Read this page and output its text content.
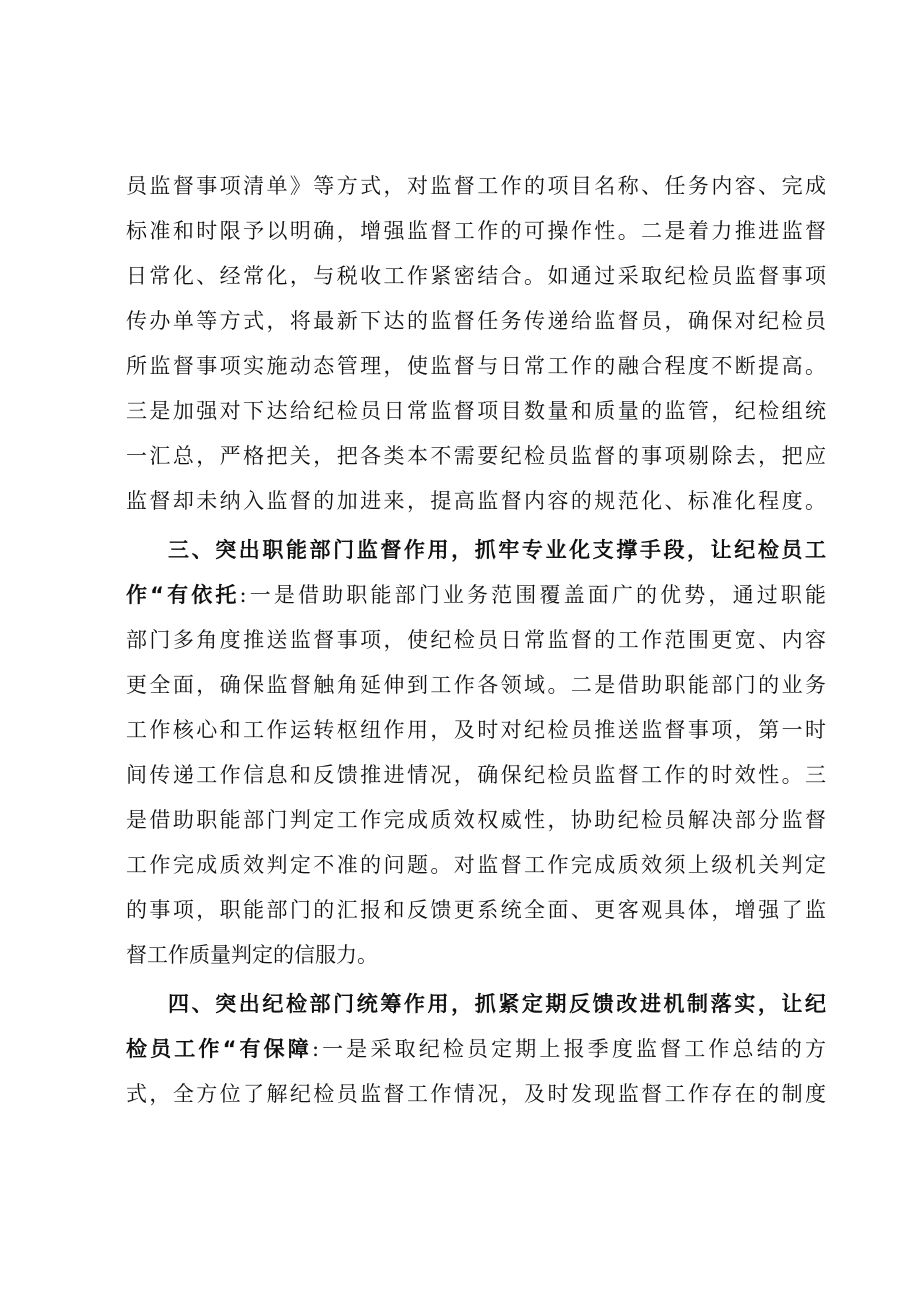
员监督事项清单》等方式，对监督工作的项目名称、任务内容、完成
标准和时限予以明确，增强监督工作的可操作性。二是着力推进监督
日常化、经常化，与税收工作紧密结合。如通过采取纪检员监督事项
传办单等方式，将最新下达的监督任务传递给监督员，确保对纪检员
所监督事项实施动态管理，使监督与日常工作的融合程度不断提高。
三是加强对下达给纪检员日常监督项目数量和质量的监管，纪检组统
一汇总，严格把关，把各类本不需要纪检员监督的事项剔除去，把应
监督却未纳入监督的加进来，提高监督内容的规范化、标准化程度。
三、突出职能部门监督作用，抓牢专业化支撑手段，让纪检员工
作“有依托:一是借助职能部门业务范围覆盖面广的优势，通过职能
部门多角度推送监督事项，使纪检员日常监督的工作范围更宽、内容
更全面，确保监督触角延伸到工作各领域。二是借助职能部门的业务
工作核心和工作运转枢纽作用，及时对纪检员推送监督事项，第一时
间传递工作信息和反馈推进情况，确保纪检员监督工作的时效性。三
是借助职能部门判定工作完成质效权威性，协助纪检员解决部分监督
工作完成质效判定不准的问题。对监督工作完成质效须上级机关判定
的事项，职能部门的汇报和反馈更系统全面、更客观具体，增强了监
督工作质量判定的信服力。
四、突出纪检部门统筹作用，抓紧定期反馈改进机制落实，让纪
检员工作“有保障:一是采取纪检员定期上报季度监督工作总结的方
式，全方位了解纪检员监督工作情况，及时发现监督工作存在的制度
